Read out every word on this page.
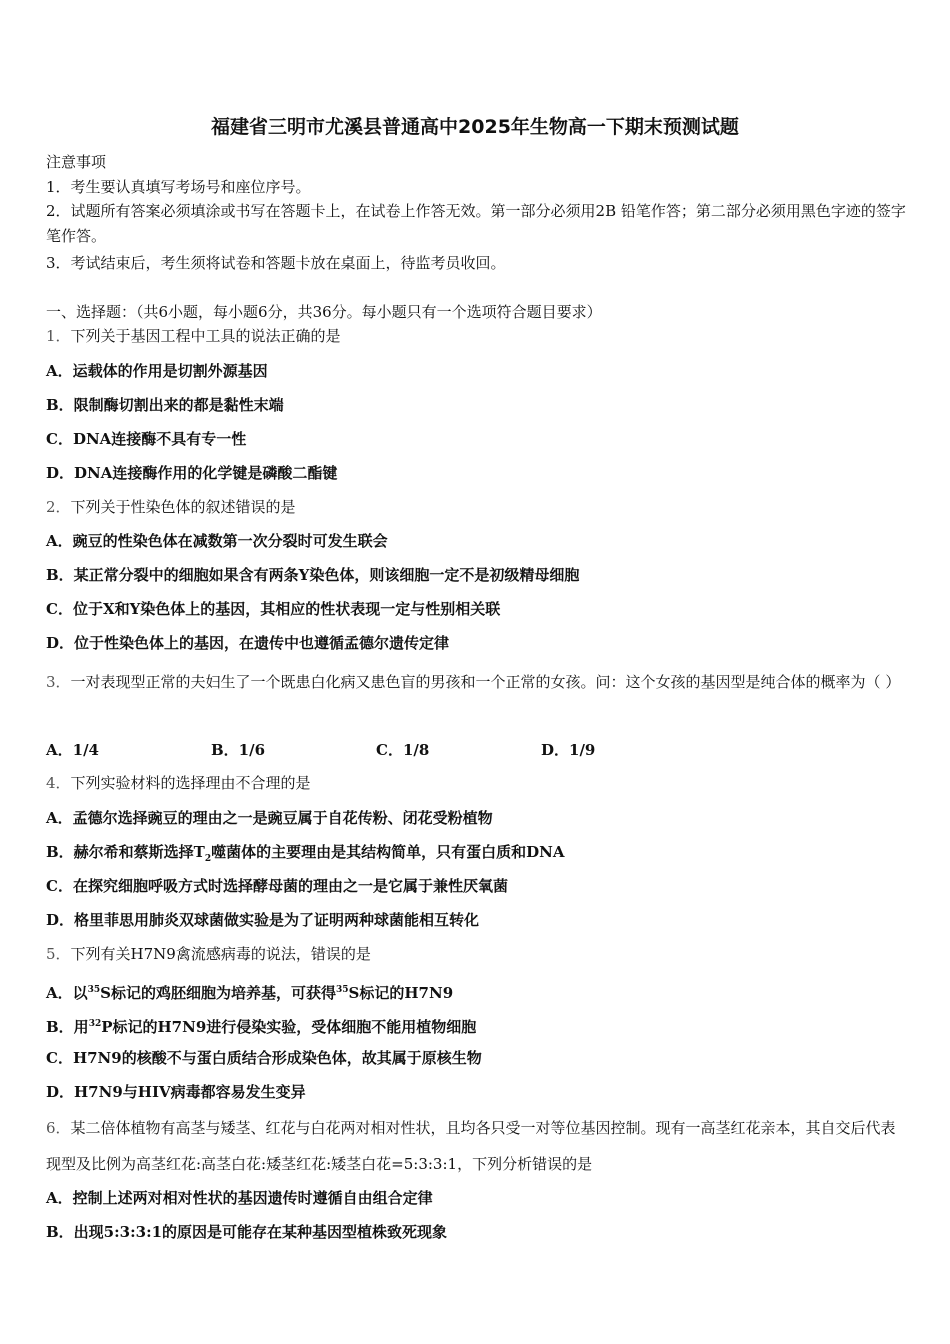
福建省三明市尤溪县普通高中2025年生物高一下期末预测试题
注意事项
1．考生要认真填写考场号和座位序号。
2．试题所有答案必须填涂或书写在答题卡上，在试卷上作答无效。第一部分必须用2B 铅笔作答；第二部分必须用黑色字迹的签字笔作答。
3．考试结束后，考生须将试卷和答题卡放在桌面上，待监考员收回。
一、选择题：（共6小题，每小题6分，共36分。每小题只有一个选项符合题目要求）
1．下列关于基因工程中工具的说法正确的是
A．运载体的作用是切割外源基因
B．限制酶切割出来的都是黏性末端
C．DNA连接酶不具有专一性
D．DNA连接酶作用的化学键是磷酸二酯键
2．下列关于性染色体的叙述错误的是
A．豌豆的性染色体在减数第一次分裂时可发生联会
B．某正常分裂中的细胞如果含有两条Y染色体，则该细胞一定不是初级精母细胞
C．位于X和Y染色体上的基因，其相应的性状表现一定与性别相关联
D．位于性染色体上的基因，在遗传中也遵循孟德尔遗传定律
3．一对表现型正常的夫妇生了一个既患白化病又患色盲的男孩和一个正常的女孩。问：这个女孩的基因型是纯合体的概率为（ ）
A．1/4	B．1/6	C．1/8	D．1/9
4．下列实验材料的选择理由不合理的是
A．孟德尔选择豌豆的理由之一是豌豆属于自花传粉、闭花受粉植物
B．赫尔希和蔡斯选择$T_2$噬菌体的主要理由是其结构简单，只有蛋白质和DNA
C．在探究细胞呼吸方式时选择酵母菌的理由之一是它属于兼性厌氧菌
D．格里菲思用肺炎双球菌做实验是为了证明两种球菌能相互转化
5．下列有关H7N9禽流感病毒的说法，错误的是
A．以$^{35}$S标记的鸡胚细胞为培养基，可获得$^{35}$S标记的H7N9
B．用$^{32}$P标记的H7N9进行侵染实验，受体细胞不能用植物细胞
C．H7N9的核酸不与蛋白质结合形成染色体，故其属于原核生物
D．H7N9与HIV病毒都容易发生变异
6．某二倍体植物有高茎与矮茎、红花与白花两对相对性状，且均各只受一对等位基因控制。现有一高茎红花亲本，其自交后代表现型及比例为高茎红花:高茎白花:矮茎红花:矮茎白花=5:3:3:1，下列分析错误的是
A．控制上述两对相对性状的基因遗传时遵循自由组合定律
B．出现5:3:3:1的原因是可能存在某种基因型植株致死现象
